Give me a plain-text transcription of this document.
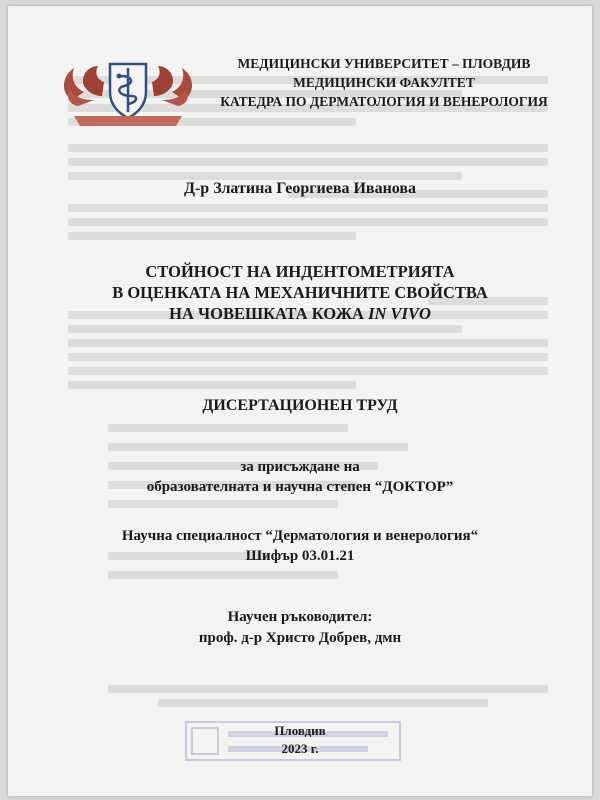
МЕДИЦИНСКИ УНИВЕРСИТЕТ – ПЛОВДИВ
МЕДИЦИНСКИ ФАКУЛТЕТ
КАТЕДРА ПО ДЕРМАТОЛОГИЯ И ВЕНЕРОЛОГИЯ
Д-р Златина Георгиева Иванова
СТОЙНОСТ НА ИНДЕНТОМЕТРИЯТА
В ОЦЕНКАТА НА МЕХАНИЧНИТЕ СВОЙСТВА
НА ЧОВЕШКАТА КОЖА IN VIVO
ДИСЕРТАЦИОНЕН ТРУД
за присъждане на
образователната и научна степен “ДОКТОР”
Научна специалност “Дерматология и венерология“
Шифър 03.01.21
Научен ръководител:
проф. д-р Христо Добрев, дмн
Пловдив
2023 г.
